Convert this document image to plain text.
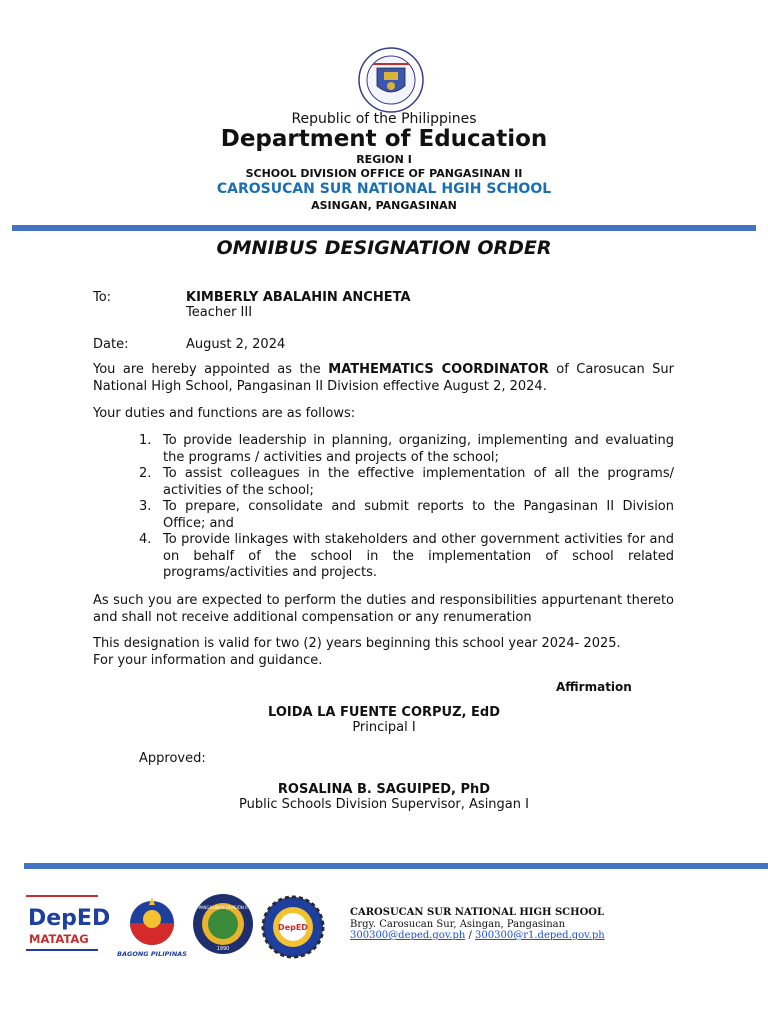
Republic of the Philippines
Department of Education
REGION I
SCHOOL DIVISION OFFICE OF PANGASINAN II
CAROSUCAN SUR NATIONAL HGIH SCHOOL
ASINGAN, PANGASINAN
OMNIBUS DESIGNATION ORDER
To:	KIMBERLY ABALAHIN ANCHETA
Teacher III
Date:	August 2, 2024
You are hereby appointed as the MATHEMATICS COORDINATOR of Carosucan Sur National High School, Pangasinan II Division effective August 2, 2024.
Your duties and functions are as follows:
1. To provide leadership in planning, organizing, implementing and evaluating the programs / activities and projects of the school;
2. To assist colleagues in the effective implementation of all the programs/ activities of the school;
3. To prepare, consolidate and submit reports to the Pangasinan II Division Office; and
4. To provide linkages with stakeholders and other government activities for and on behalf of the school in the implementation of school related programs/activities and projects.
As such you are expected to perform the duties and responsibilities appurtenant thereto and shall not receive additional compensation or any renumeration
This designation is valid for two (2) years beginning this school year 2024- 2025.
For your information and guidance.
Affirmation
LOIDA LA FUENTE CORPUZ, EdD
Principal I
Approved:
ROSALINA B. SAGUIPED, PhD
Public Schools Division Supervisor, Asingan I
DepED
MATATAG
BAGONG PILIPINAS
PANGASINAN DIVISION II
1990
DepED
CAROSUCAN SUR NATIONAL HIGH SCHOOL
Brgy. Carosucan Sur, Asingan, Pangasinan
300300@deped.gov.ph / 300300@r1.deped.gov.ph
